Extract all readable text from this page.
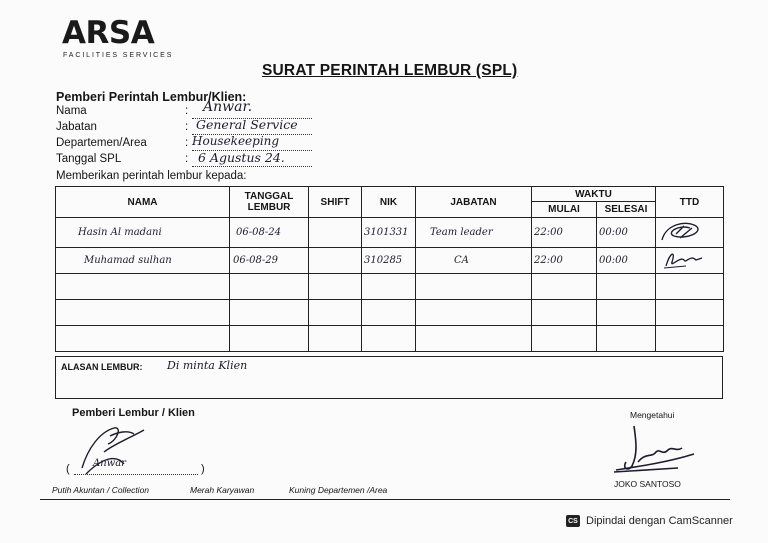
ARSA
FACILITIES SERVICES
SURAT PERINTAH LEMBUR (SPL)
Pemberi Perintah Lembur/Klien:
Nama	: Anwar.
Jabatan	: General Service
Departemen/Area	: Housekeeping
Tanggal SPL	: 6 Agustus 24.
Memberikan perintah lembur kepada:
NAMA	TANGGAL LEMBUR	SHIFT	NIK	JABATAN	WAKTU		TTD
					MULAI	SELESAI	
Hasin Al madani	06-08-24		3101331	Team leader	22:00	00:00	
Muhamad sulhan	06-08-29		310285	CA	22:00	00:00	

ALASAN LEMBUR: Di minta Klien
Pemberi Lembur / Klien
Anwar
(	)
Mengetahui
JOKO SANTOSO
Putih Akuntan / Collection	Merah Karyawan	Kuning Departemen /Area
CS Dipindai dengan CamScanner
